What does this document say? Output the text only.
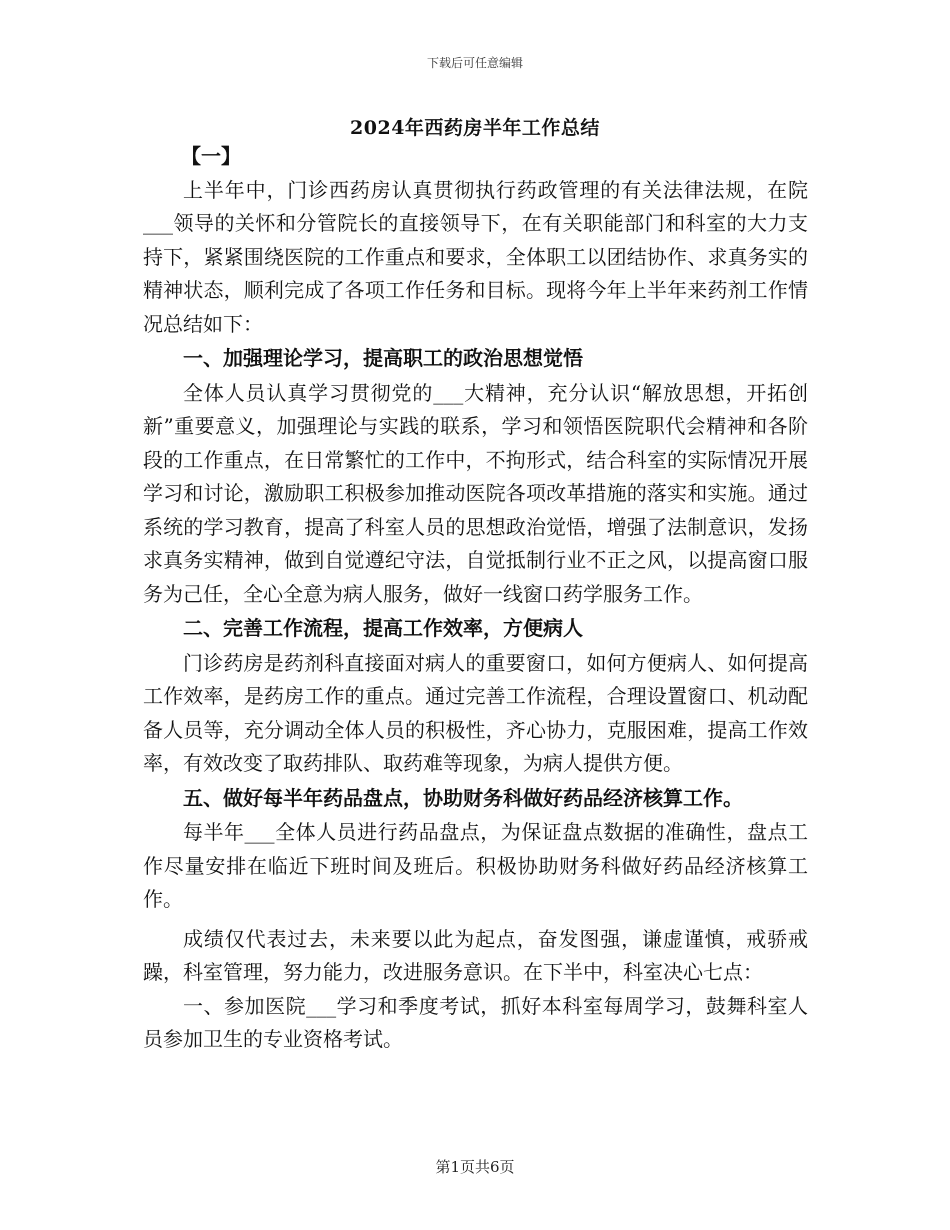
下载后可任意编辑
2024年西药房半年工作总结

【一】

上半年中，门诊西药房认真贯彻执行药政管理的有关法律法规，在院___领导的关怀和分管院长的直接领导下，在有关职能部门和科室的大力支持下，紧紧围绕医院的工作重点和要求，全体职工以团结协作、求真务实的精神状态，顺利完成了各项工作任务和目标。现将今年上半年来药剂工作情况总结如下：

一、加强理论学习，提高职工的政治思想觉悟

全体人员认真学习贯彻党的___大精神，充分认识“解放思想，开拓创新”重要意义，加强理论与实践的联系，学习和领悟医院职代会精神和各阶段的工作重点，在日常繁忙的工作中，不拘形式，结合科室的实际情况开展学习和讨论，激励职工积极参加推动医院各项改革措施的落实和实施。通过系统的学习教育，提高了科室人员的思想政治觉悟，增强了法制意识，发扬求真务实精神，做到自觉遵纪守法，自觉抵制行业不正之风，以提高窗口服务为己任，全心全意为病人服务，做好一线窗口药学服务工作。

二、完善工作流程，提高工作效率，方便病人

门诊药房是药剂科直接面对病人的重要窗口，如何方便病人、如何提高工作效率，是药房工作的重点。通过完善工作流程，合理设置窗口、机动配备人员等，充分调动全体人员的积极性，齐心协力，克服困难，提高工作效率，有效改变了取药排队、取药难等现象，为病人提供方便。

五、做好每半年药品盘点，协助财务科做好药品经济核算工作。

每半年___全体人员进行药品盘点，为保证盘点数据的准确性，盘点工作尽量安排在临近下班时间及班后。积极协助财务科做好药品经济核算工作。

成绩仅代表过去，未来要以此为起点，奋发图强，谦虚谨慎，戒骄戒躁，科室管理，努力能力，改进服务意识。在下半中，科室决心七点：

一、参加医院___学习和季度考试，抓好本科室每周学习，鼓舞科室人员参加卫生的专业资格考试。

第1页共6页
